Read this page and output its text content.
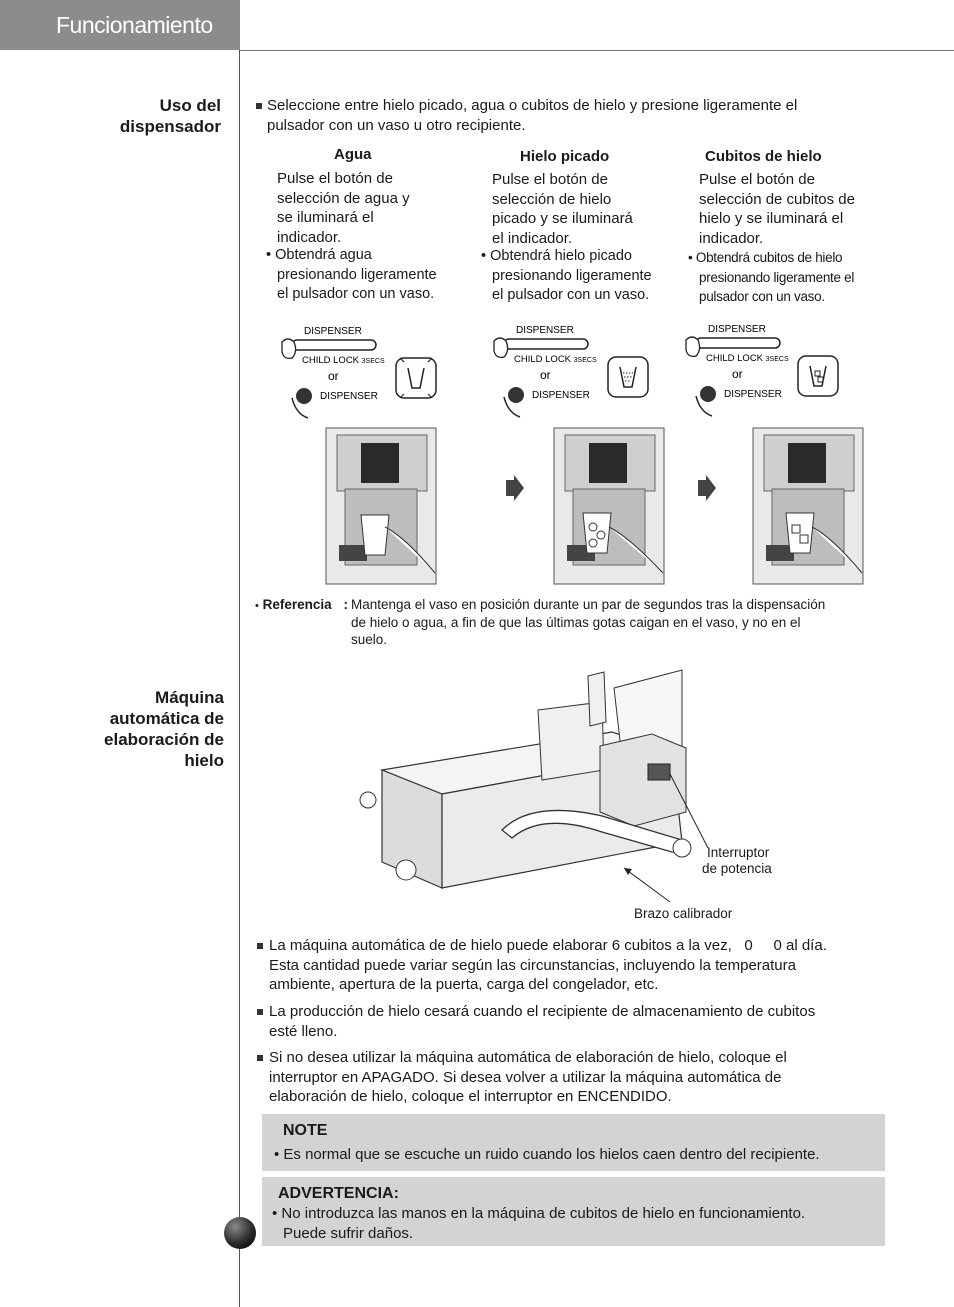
Funcionamiento
Uso del
dispensador
Seleccione entre hielo picado, agua o cubitos de hielo y presione ligeramente el
pulsador con un vaso u otro recipiente.
Agua
Pulse el botón de
selección de agua y
se iluminará el
indicador.
• Obtendrá agua
presionando ligeramente
el pulsador con un vaso.
Hielo picado
Pulse el botón de
selección de hielo
picado y se iluminará
el indicador.
• Obtendrá hielo picado
presionando ligeramente
el pulsador con un vaso.
Cubitos de hielo
Pulse el botón de
selección de cubitos de
hielo y se iluminará el
indicador.
• Obtendrá cubitos de hielo
presionando ligeramente el
pulsador con un vaso.
DISPENSER
CHILD LOCK 3SECS
or
DISPENSER
DISPENSER
CHILD LOCK 3SECS
or
DISPENSER
DISPENSER
CHILD LOCK 3SECS
or
DISPENSER
• Referencia : Mantenga el vaso en posición durante un par de segundos tras la dispensación
de hielo o agua, a fin de que las últimas gotas caigan en el vaso, y no en el
suelo.
Máquina
automática de
elaboración de
hielo
Interruptor
de potencia
Brazo calibrador
La máquina automática de de hielo puede elaborar 6 cubitos a la vez,   0     0 al día.
Esta cantidad puede variar según las circunstancias, incluyendo la temperatura
ambiente, apertura de la puerta, carga del congelador, etc.
La producción de hielo cesará cuando el recipiente de almacenamiento de cubitos
esté lleno.
Si no desea utilizar la máquina automática de elaboración de hielo, coloque el
interruptor en APAGADO. Si desea volver a utilizar la máquina automática de
elaboración de hielo, coloque el interruptor en ENCENDIDO.
NOTE
• Es normal que se escuche un ruido cuando los hielos caen dentro del recipiente.
ADVERTENCIA:
• No introduzca las manos en la máquina de cubitos de hielo en funcionamiento.
Puede sufrir daños.
